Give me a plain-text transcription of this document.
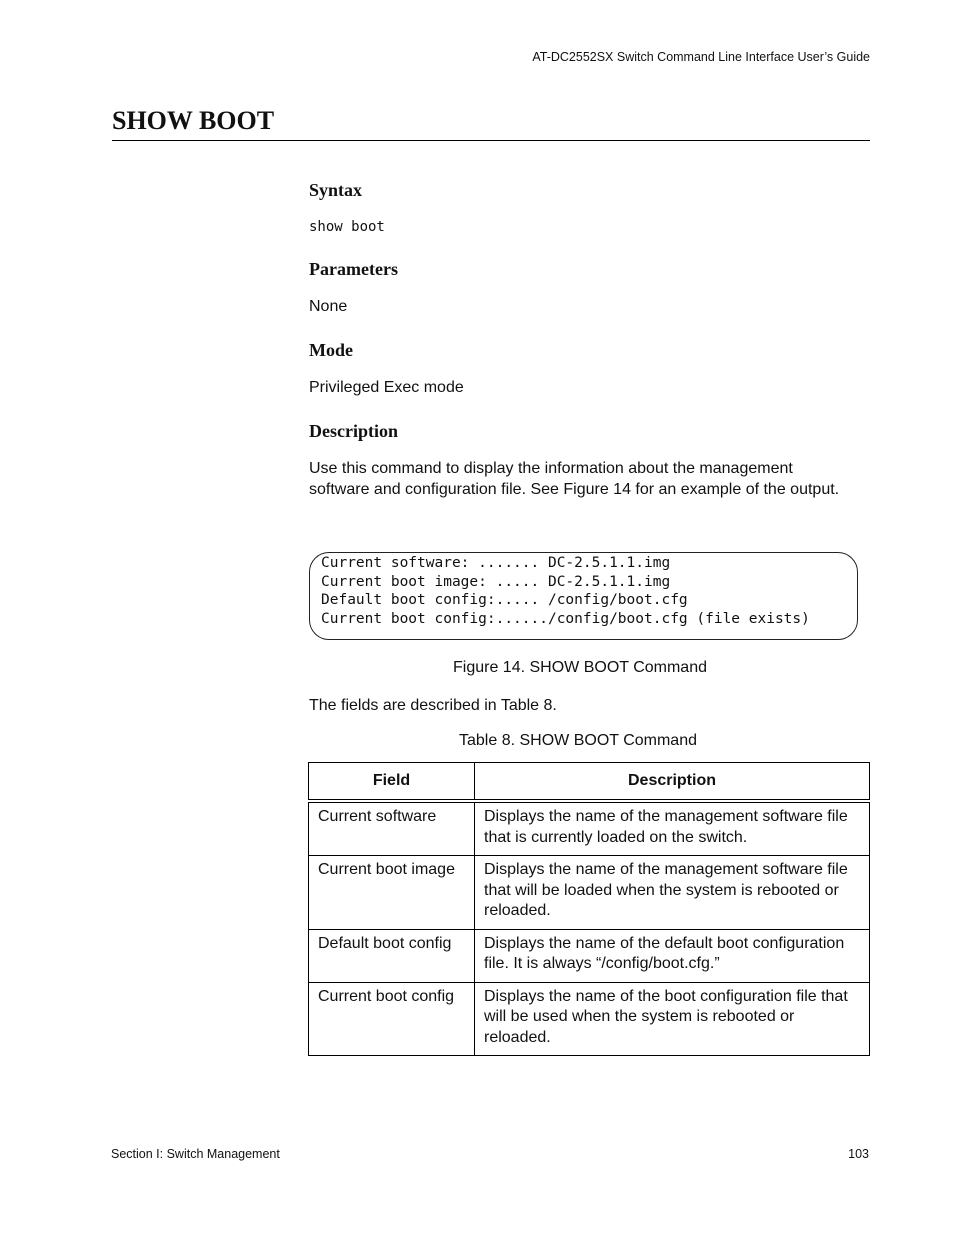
AT-DC2552SX Switch Command Line Interface User’s Guide
SHOW BOOT
Syntax
show boot
Parameters
None
Mode
Privileged Exec mode
Description
Use this command to display the information about the management software and configuration file. See Figure 14 for an example of the output.
Current software: ....... DC-2.5.1.1.img
Current boot image: ..... DC-2.5.1.1.img
Default boot config:..... /config/boot.cfg
Current boot config:....../config/boot.cfg (file exists)
Figure 14. SHOW BOOT Command
The fields are described in Table 8.
Table 8. SHOW BOOT Command
Field	Description
Current software	Displays the name of the management software file that is currently loaded on the switch.
Current boot image	Displays the name of the management software file that will be loaded when the system is rebooted or reloaded.
Default boot config	Displays the name of the default boot configuration file. It is always “/config/boot.cfg.”
Current boot config	Displays the name of the boot configuration file that will be used when the system is rebooted or reloaded.
Section I: Switch Management	103
